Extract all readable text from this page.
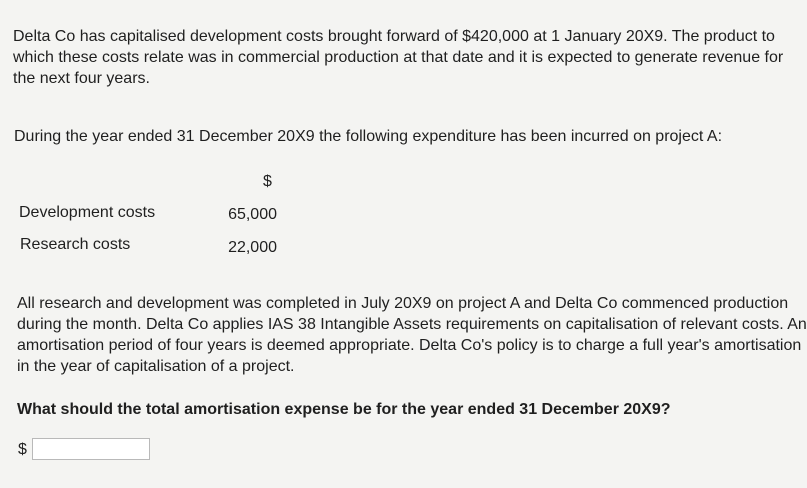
Delta Co has capitalised development costs brought forward of $420,000 at 1 January 20X9. The product to

which these costs relate was in commercial production at that date and it is expected to generate revenue for

the next four years.

During the year ended 31 December 20X9 the following expenditure has been incurred on project A:

$
Development costs	65,000
Research costs	22,000

All research and development was completed in July 20X9 on project A and Delta Co commenced production

during the month. Delta Co applies IAS 38 Intangible Assets requirements on capitalisation of relevant costs. An

amortisation period of four years is deemed appropriate. Delta Co's policy is to charge a full year's amortisation

in the year of capitalisation of a project.

What should the total amortisation expense be for the year ended 31 December 20X9?

$
